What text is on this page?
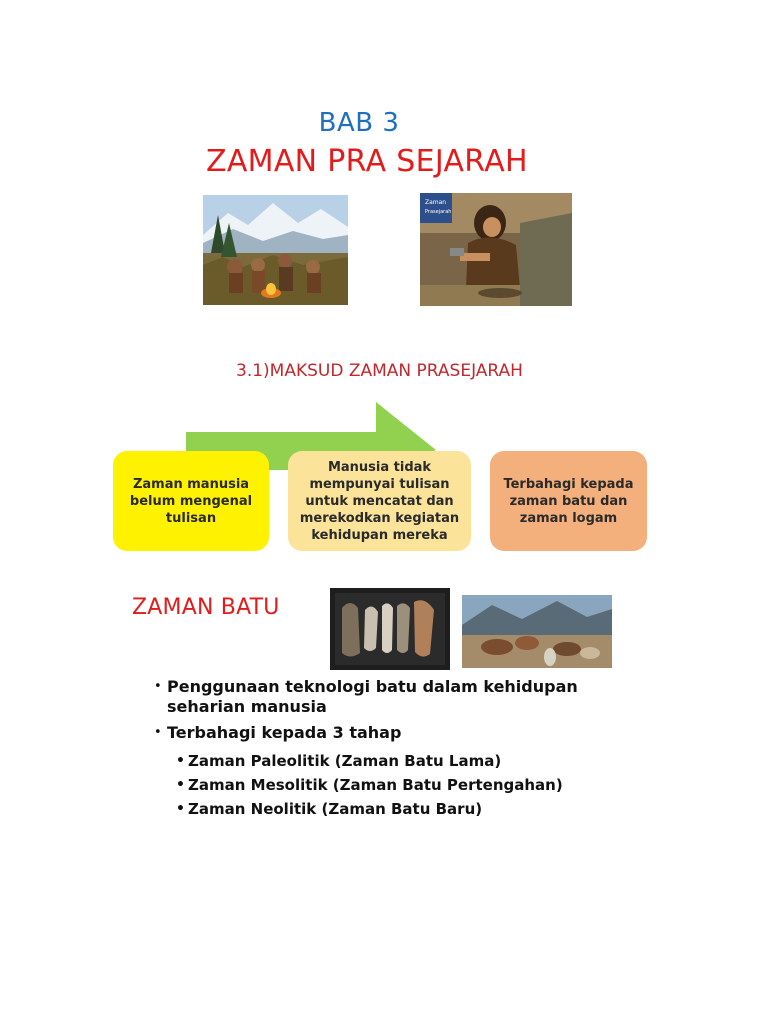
BAB 3
ZAMAN PRA SEJARAH
Zaman
Prasejarah
3.1)MAKSUD ZAMAN PRASEJARAH
Zaman manusia belum mengenal tulisan
Manusia tidak mempunyai tulisan untuk mencatat dan merekodkan kegiatan kehidupan mereka
Terbahagi kepada zaman batu dan zaman logam
ZAMAN BATU
• Penggunaan teknologi batu dalam kehidupan seharian manusia
• Terbahagi kepada 3 tahap
• Zaman Paleolitik (Zaman Batu Lama)
• Zaman Mesolitik (Zaman Batu Pertengahan)
• Zaman Neolitik (Zaman Batu Baru)
